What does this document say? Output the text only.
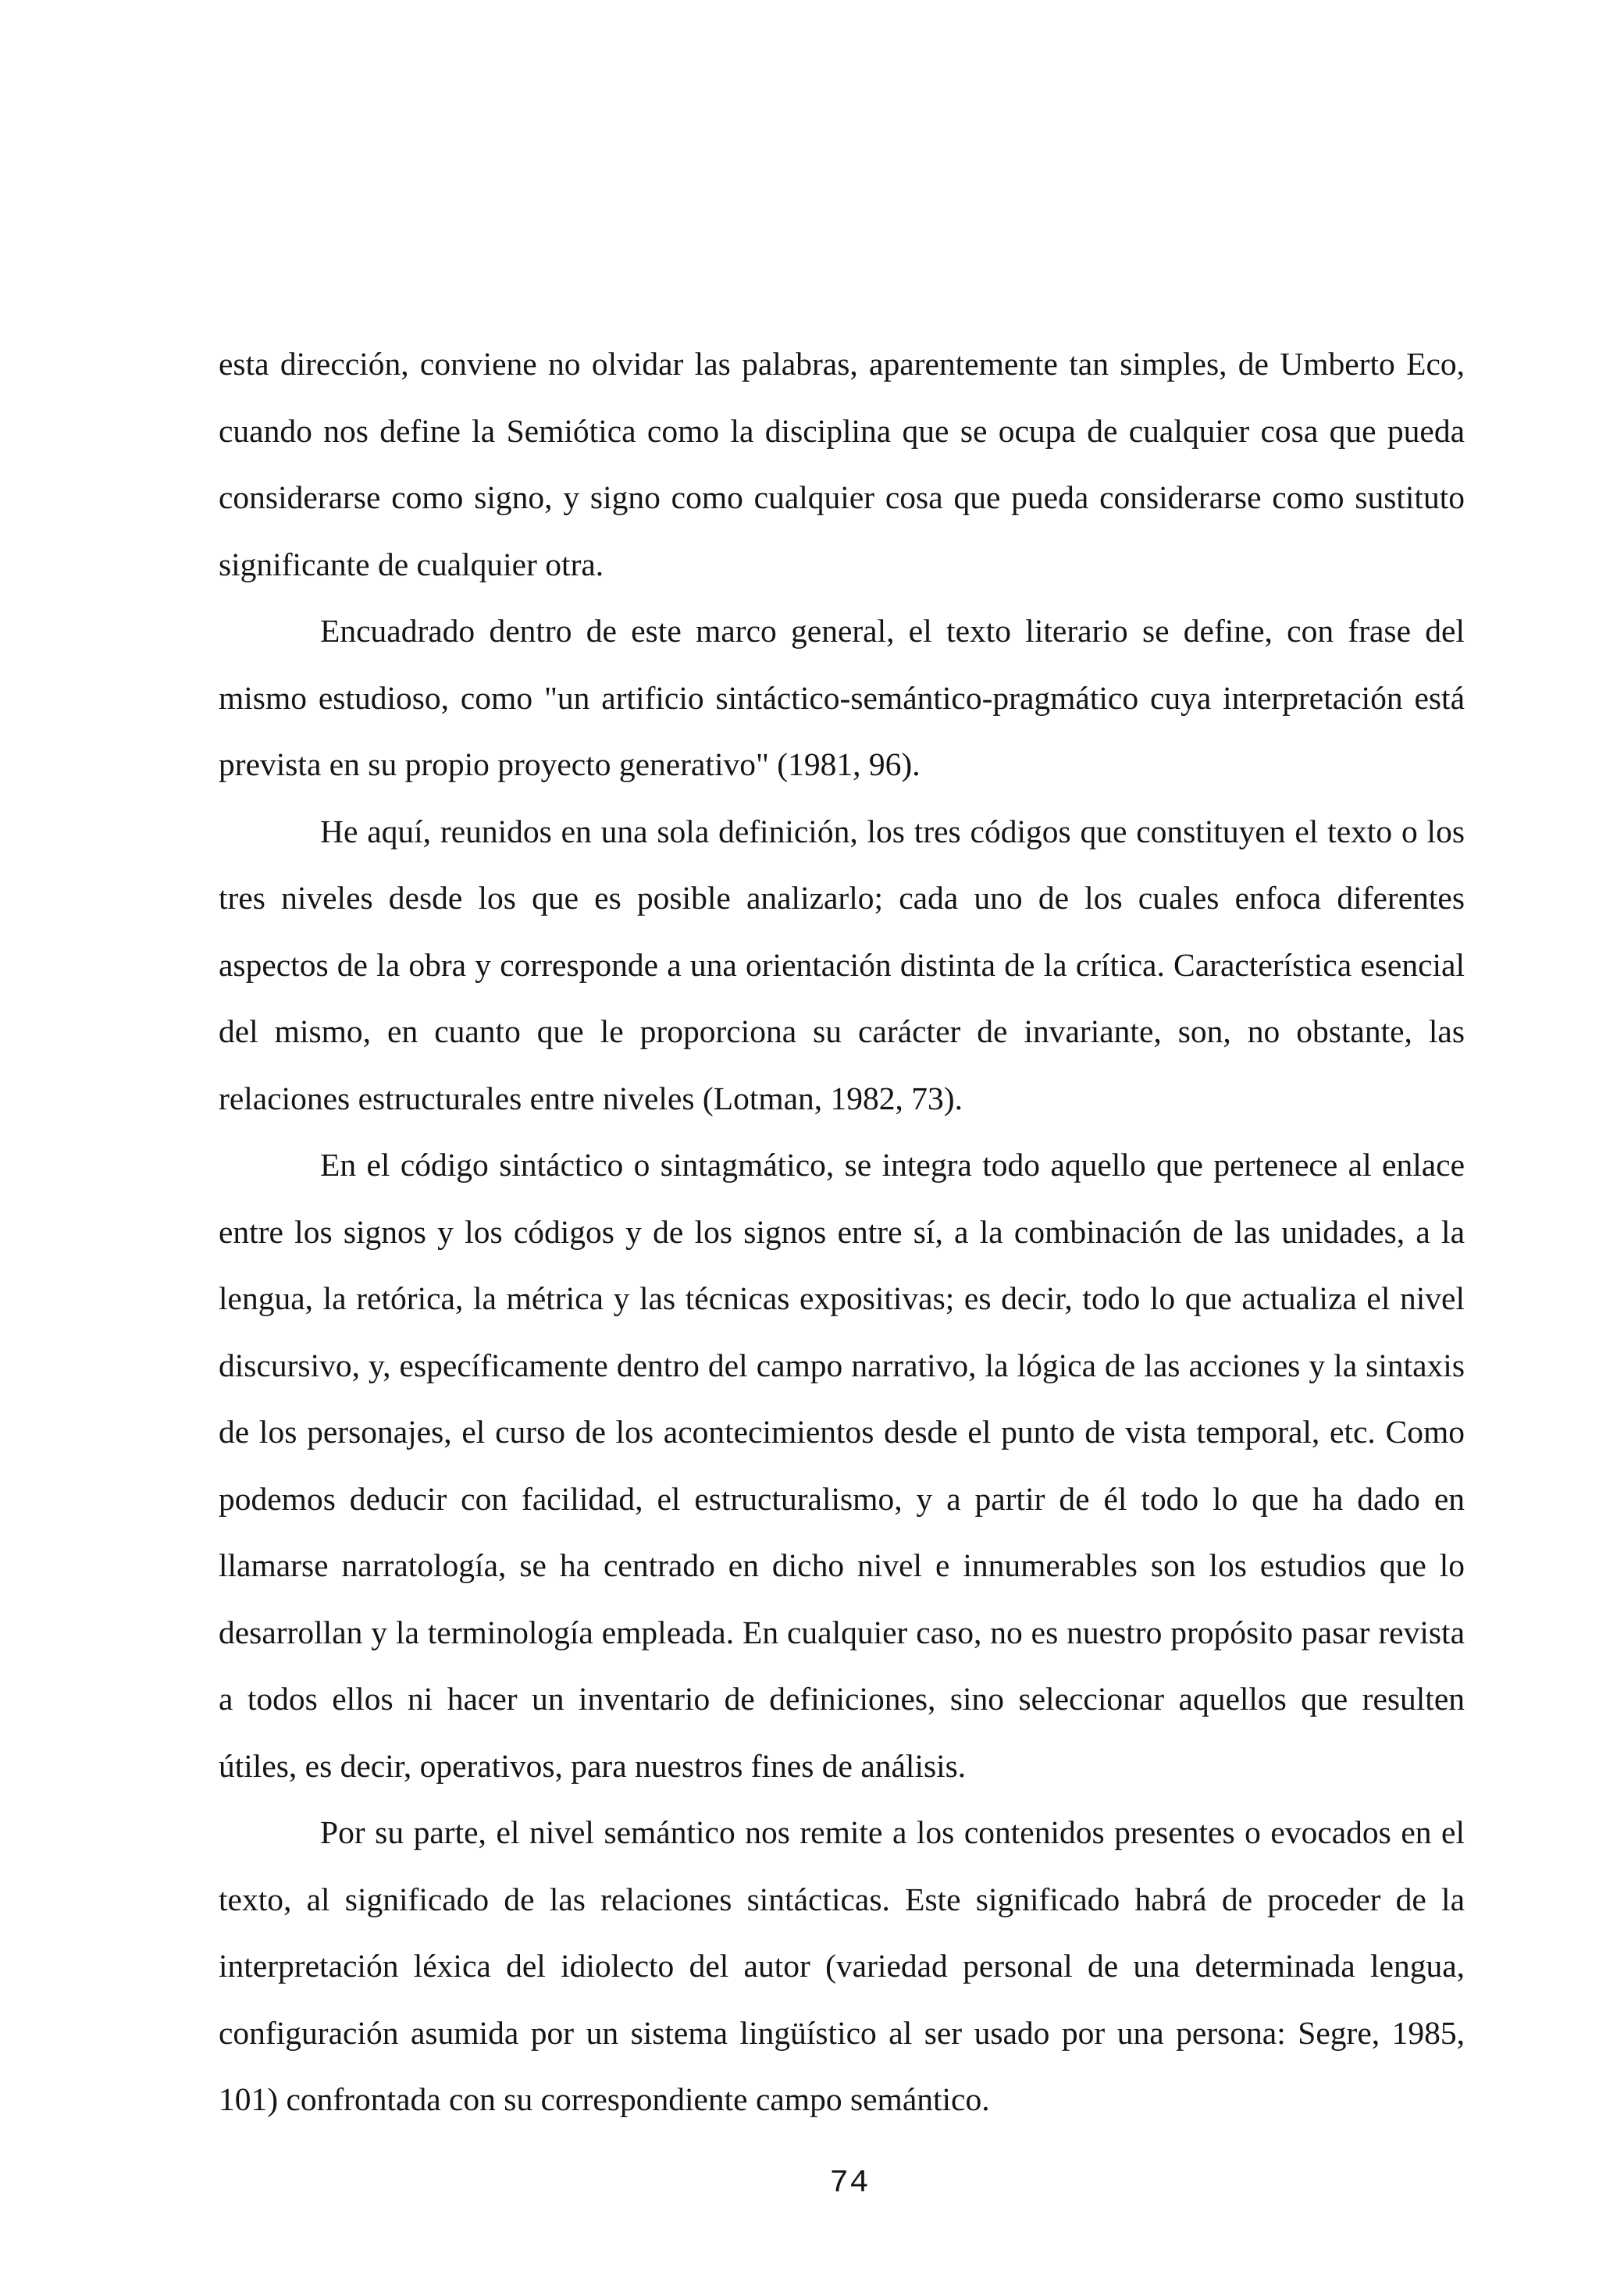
esta dirección, conviene no olvidar las palabras, aparentemente tan simples, de Umberto Eco, cuando nos define la Semiótica como la disciplina que se ocupa de cualquier cosa que pueda considerarse como signo, y signo como cualquier cosa que pueda considerarse como sustituto significante de cualquier otra.

Encuadrado dentro de este marco general, el texto literario se define, con frase del mismo estudioso, como "un artificio sintáctico-semántico-pragmático cuya interpretación está prevista en su propio proyecto generativo" (1981, 96).

He aquí, reunidos en una sola definición, los tres códigos que constituyen el texto o los tres niveles desde los que es posible analizarlo; cada uno de los cuales enfoca diferentes aspectos de la obra y corresponde a una orientación distinta de la crítica. Característica esencial del mismo, en cuanto que le proporciona su carácter de invariante, son, no obstante, las relaciones estructurales entre niveles (Lotman, 1982, 73).

En el código sintáctico o sintagmático, se integra todo aquello que pertenece al enlace entre los signos y los códigos y de los signos entre sí, a la combinación de las unidades, a la lengua, la retórica, la métrica y las técnicas expositivas; es decir, todo lo que actualiza el nivel discursivo, y, específicamente dentro del campo narrativo, la lógica de las acciones y la sintaxis de los personajes, el curso de los acontecimientos desde el punto de vista temporal, etc. Como podemos deducir con facilidad, el estructuralismo, y a partir de él todo lo que ha dado en llamarse narratología, se ha centrado en dicho nivel e innumerables son los estudios que lo desarrollan y la terminología empleada. En cualquier caso, no es nuestro propósito pasar revista a todos ellos ni hacer un inventario de definiciones, sino seleccionar aquellos que resulten útiles, es decir, operativos, para nuestros fines de análisis.

Por su parte, el nivel semántico nos remite a los contenidos presentes o evocados en el texto, al significado de las relaciones sintácticas. Este significado habrá de proceder de la interpretación léxica del idiolecto del autor (variedad personal de una determinada lengua, configuración asumida por un sistema lingüístico al ser usado por una persona: Segre, 1985, 101) confrontada con su correspondiente campo semántico.

74
